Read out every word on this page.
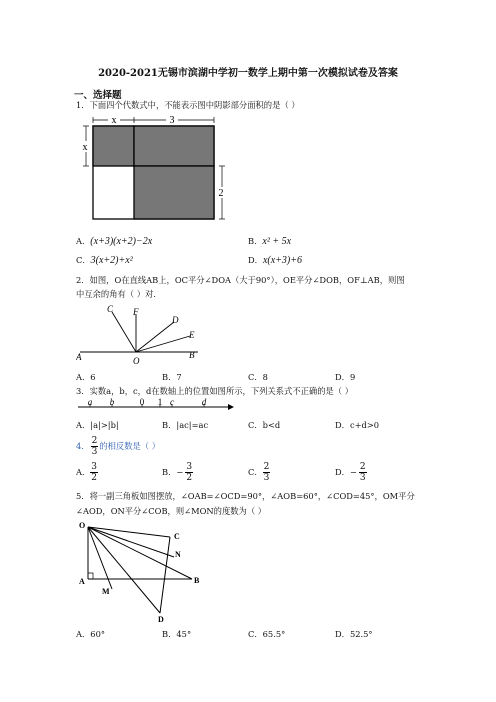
2020-2021无锡市滨湖中学初一数学上期中第一次模拟试卷及答案
一、选择题
1．下面四个代数式中，不能表示图中阴影部分面积的是（ ）
x	3
x
2
A．(x+3)(x+2)−2x	B．x² + 5x
C．3(x+2)+x²	D．x(x+3)+6
2．如图，O在直线AB上，OC平分∠DOA（大于90°），OE平分∠DOB，OF⊥AB，则图
中互余的角有（ ）对.
C F
D
E
A	B
O
A．6	B．7	C．8	D．9
3．实数a，b，c，d在数轴上的位置如图所示，下列关系式不正确的是（ ）
a b	0 1 c	d
A．|a|>|b|	B．|ac|=ac	C．b<d	D．c+d>0
4．
2
3
的相反数是（ ）
A．
3
2
B． − $\frac{3}{2}$	C．
2
3
D． − $\frac{2}{3}$
5．将一副三角板如图摆放，∠OAB=∠OCD=90°，∠AOB=60°，∠COD=45°，OM平分
∠AOD，ON平分∠COB，则∠MON的度数为（ ）
O
C
N
A
M
B
D
A．60°	B．45°	C．65.5°	D．52.5°
